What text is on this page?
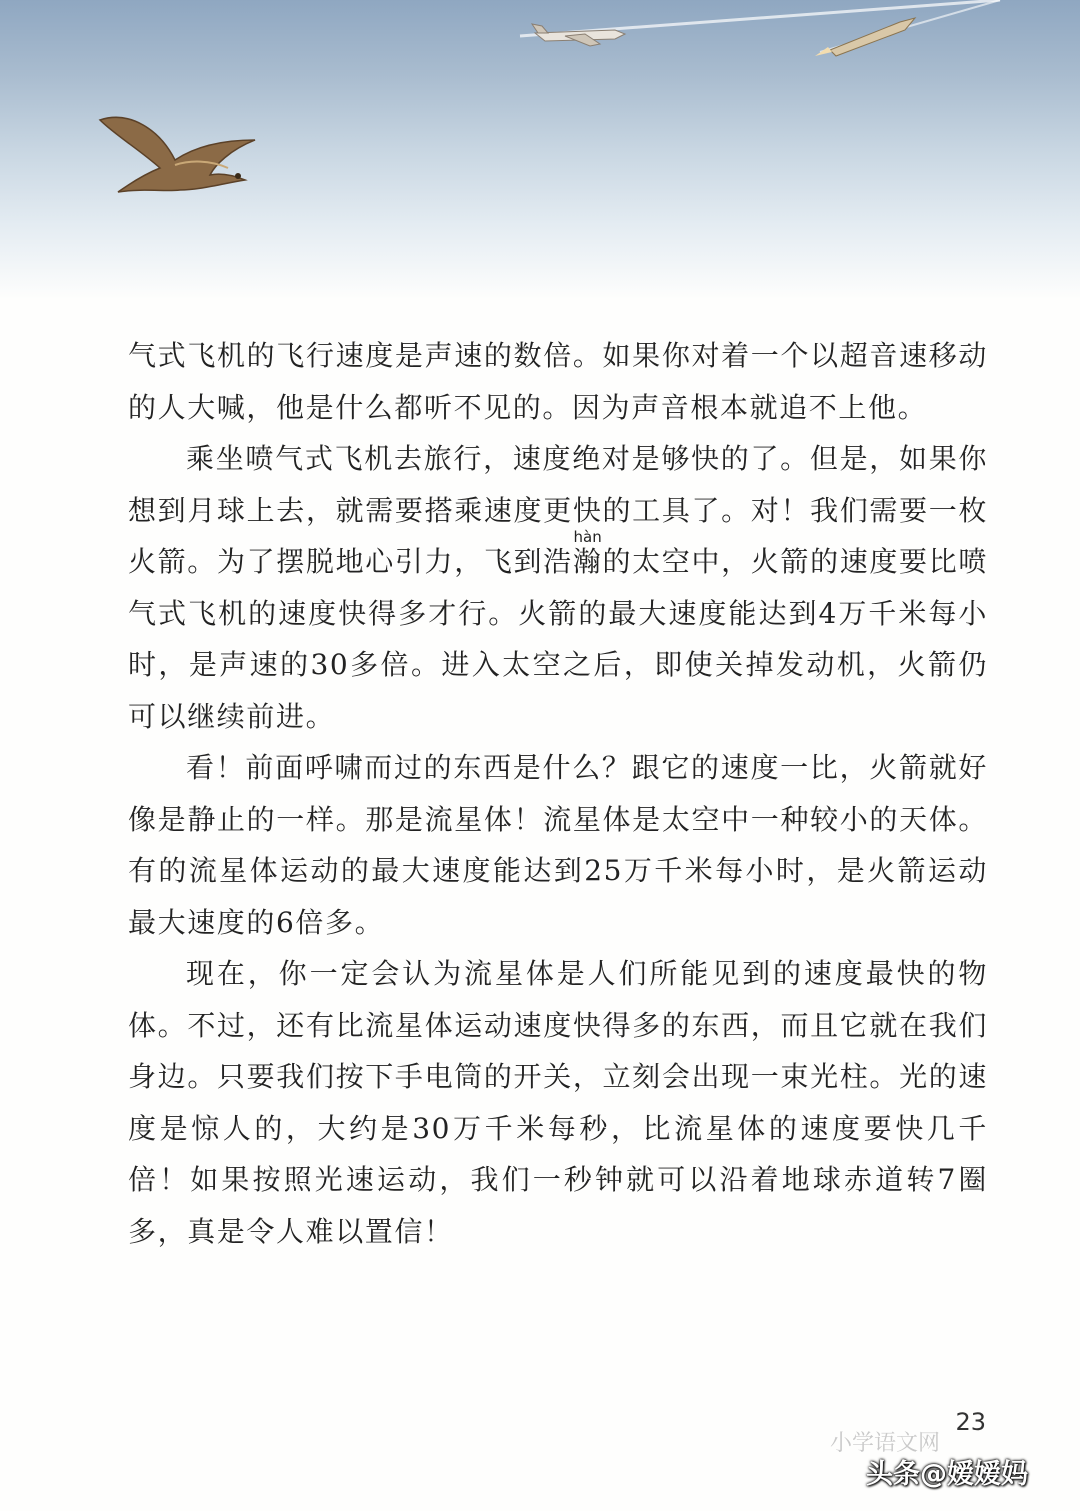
气式飞机的飞行速度是声速的数倍。如果你对着一个以超音速移动的人大喊，他是什么都听不见的。因为声音根本就追不上他。

乘坐喷气式飞机去旅行，速度绝对是够快的了。但是，如果你想到月球上去，就需要搭乘速度更快的工具了。对！我们需要一枚火箭。为了摆脱地心引力，飞到浩瀚hàn的太空中，火箭的速度要比喷气式飞机的速度快得多才行。火箭的最大速度能达到4万千米每小时，是声速的30多倍。进入太空之后，即使关掉发动机，火箭仍可以继续前进。

看！前面呼啸而过的东西是什么？跟它的速度一比，火箭就好像是静止的一样。那是流星体！流星体是太空中一种较小的天体。有的流星体运动的最大速度能达到25万千米每小时，是火箭运动最大速度的6倍多。

现在，你一定会认为流星体是人们所能见到的速度最快的物体。不过，还有比流星体运动速度快得多的东西，而且它就在我们身边。只要我们按下手电筒的开关，立刻会出现一束光柱。光的速度是惊人的，大约是30万千米每秒，比流星体的速度要快几千倍！如果按照光速运动，我们一秒钟就可以沿着地球赤道转7圈多，真是令人难以置信！

小学语文网
23
头条@嫒嫒妈
